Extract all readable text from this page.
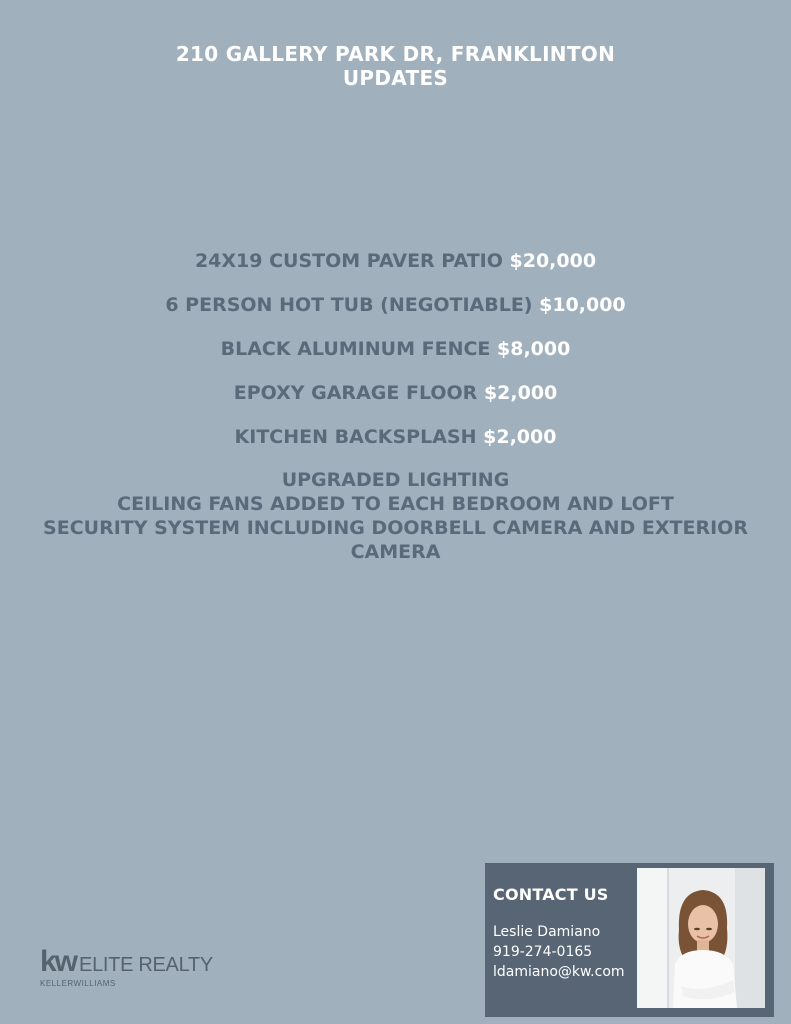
210 GALLERY PARK DR, FRANKLINTON
UPDATES
24X19 CUSTOM PAVER PATIO $20,000
6 PERSON HOT TUB (NEGOTIABLE) $10,000
BLACK ALUMINUM FENCE $8,000
EPOXY GARAGE FLOOR $2,000
KITCHEN BACKSPLASH $2,000
UPGRADED LIGHTING
CEILING FANS ADDED TO EACH BEDROOM AND LOFT
SECURITY SYSTEM INCLUDING DOORBELL CAMERA AND EXTERIOR
CAMERA
kw ELITE REALTY
KELLERWILLIAMS
CONTACT US
Leslie Damiano
919-274-0165
ldamiano@kw.com
